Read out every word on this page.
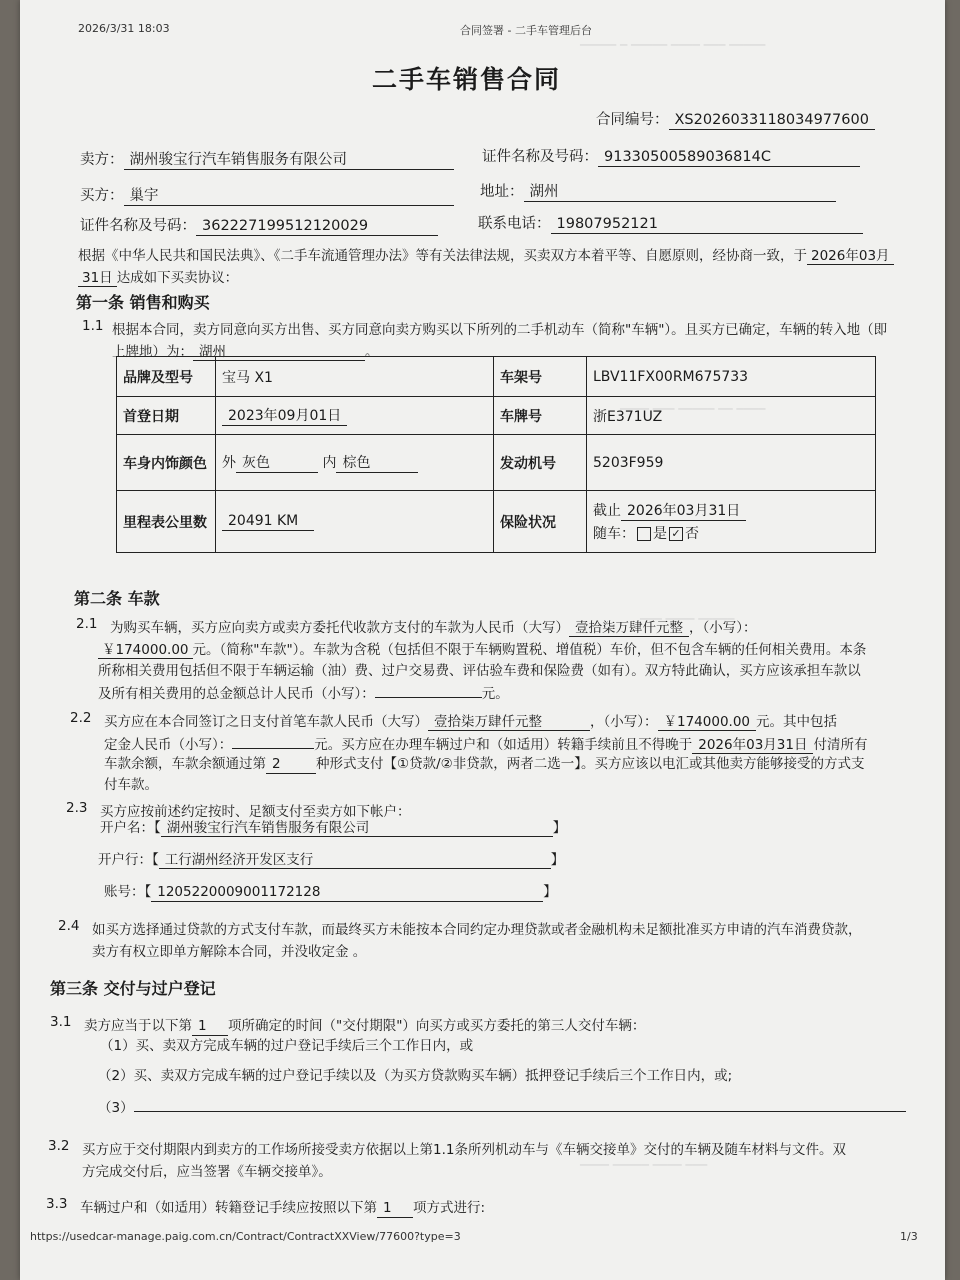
───── ─ ───── ──── ─── ─────
──── ─── ───── ── ────
─── ──── ─────
──── ───── ──── ───
2026/3/31 18:03	合同签署 - 二手车管理后台
二手车销售合同
合同编号： XS2026033118034977600
卖方： 湖州骏宝行汽车销售服务有限公司	证件名称及号码： 91330500589036814C
买方： 巢宇	地址： 湖州
证件名称及号码： 362227199512120029	联系电话： 19807952121
根据《中华人民共和国民法典》、《二手车流通管理办法》等有关法律法规，买卖双方本着平等、自愿原则，经协商一致，于 2026年03月
31日 达成如下买卖协议：
第一条 销售和购买
1.1 根据本合同，卖方同意向买方出售、买方同意向卖方购买以下所列的二手机动车（简称"车辆"）。且买方已确定，车辆的转入地（即
上牌地）为： 湖州	。
品牌及型号	宝马 X1	车架号	LBV11FX00RM675733
首登日期	2023年09月01日	车牌号	浙E371UZ
车身内饰颜色	外 灰色 内 棕色	发动机号	5203F959
里程表公里数	20491 KM	保险状况	截止 2026年03月31日
随车： 是 ✓ 否
第二条 车款
2.1 为购买车辆，买方应向卖方或卖方委托代收款方支付的车款为人民币（大写） 壹拾柒万肆仟元整 ，（小写）：
￥174000.00 元。（简称"车款"）。车款为含税（包括但不限于车辆购置税、增值税）车价，但不包含车辆的任何相关费用。本条
所称相关费用包括但不限于车辆运输（油）费、过户交易费、评估验车费和保险费（如有）。双方特此确认，买方应该承担车款以
及所有相关费用的总金额总计人民币（小写）：	元。
2.2 买方应在本合同签订之日支付首笔车款人民币（大写） 壹拾柒万肆仟元整	，（小写）： ￥174000.00 元。其中包括
定金人民币（小写）：	元。买方应在办理车辆过户和（如适用）转籍手续前且不得晚于 2026年03月31日 付清所有
车款余额，车款余额通过第 2	种形式支付【①贷款/②非贷款，两者二选一】。买方应该以电汇或其他卖方能够接受的方式支
付车款。
2.3 买方应按前述约定按时、足额支付至卖方如下帐户：
开户名：【 湖州骏宝行汽车销售服务有限公司	】
开户行：【 工行湖州经济开发区支行	】
账号：【 1205220009001172128	】
2.4 如买方选择通过贷款的方式支付车款，而最终买方未能按本合同约定办理贷款或者金融机构未足额批准买方申请的汽车消费贷款，
卖方有权立即单方解除本合同，并没收定金 。
第三条 交付与过户登记
3.1 卖方应当于以下第 1 项所确定的时间（"交付期限"）向买方或买方委托的第三人交付车辆：
（1）买、卖双方完成车辆的过户登记手续后三个工作日内，或
（2）买、卖双方完成车辆的过户登记手续以及（为买方贷款购买车辆）抵押登记手续后三个工作日内，或;
（3）
3.2 买方应于交付期限内到卖方的工作场所接受卖方依据以上第1.1条所列机动车与《车辆交接单》交付的车辆及随车材料与文件。双
方完成交付后，应当签署《车辆交接单》。
3.3 车辆过户和（如适用）转籍登记手续应按照以下第 1 项方式进行:
https://usedcar-manage.paig.com.cn/Contract/ContractXXView/77600?type=3	1/3
